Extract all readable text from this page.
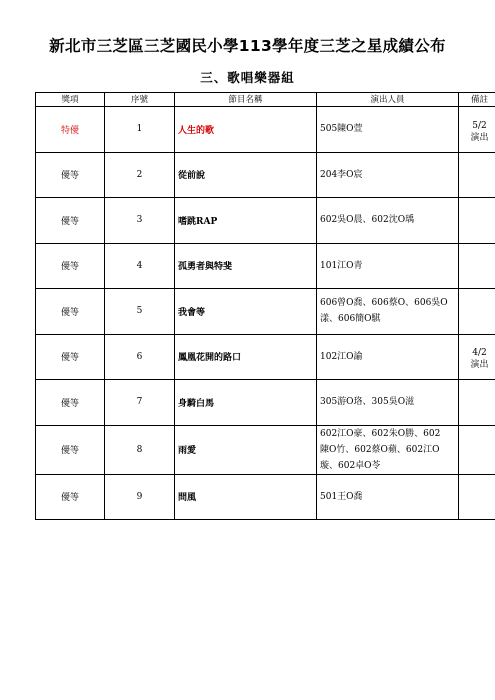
新北市三芝區三芝國民小學113學年度三芝之星成績公布
三、歌唱樂器組
獎項	序號	節目名稱	演出人員	備註
特優	1	人生的歌	505陳O萱	5/2
演出
優等	2	從前說	204李O宸	
優等	3	嗜跳RAP	602吳O晨、602沈O瑀	
優等	4	孤勇者與特斐	101江O青	
優等	5	我會等	606曾O喬、606蔡O、606吳O
漾、606簡O騏	
優等	6	鳳凰花開的路口	102江O諭	4/2
演出
優等	7	身騎白馬	305游O珞、305吳O滋	
優等	8	雨愛	602江O豪、602朱O勝、602
陳O竹、602蔡O蘋、602江O
璇、602卓O苓	
優等	9	問風	501王O喬	
